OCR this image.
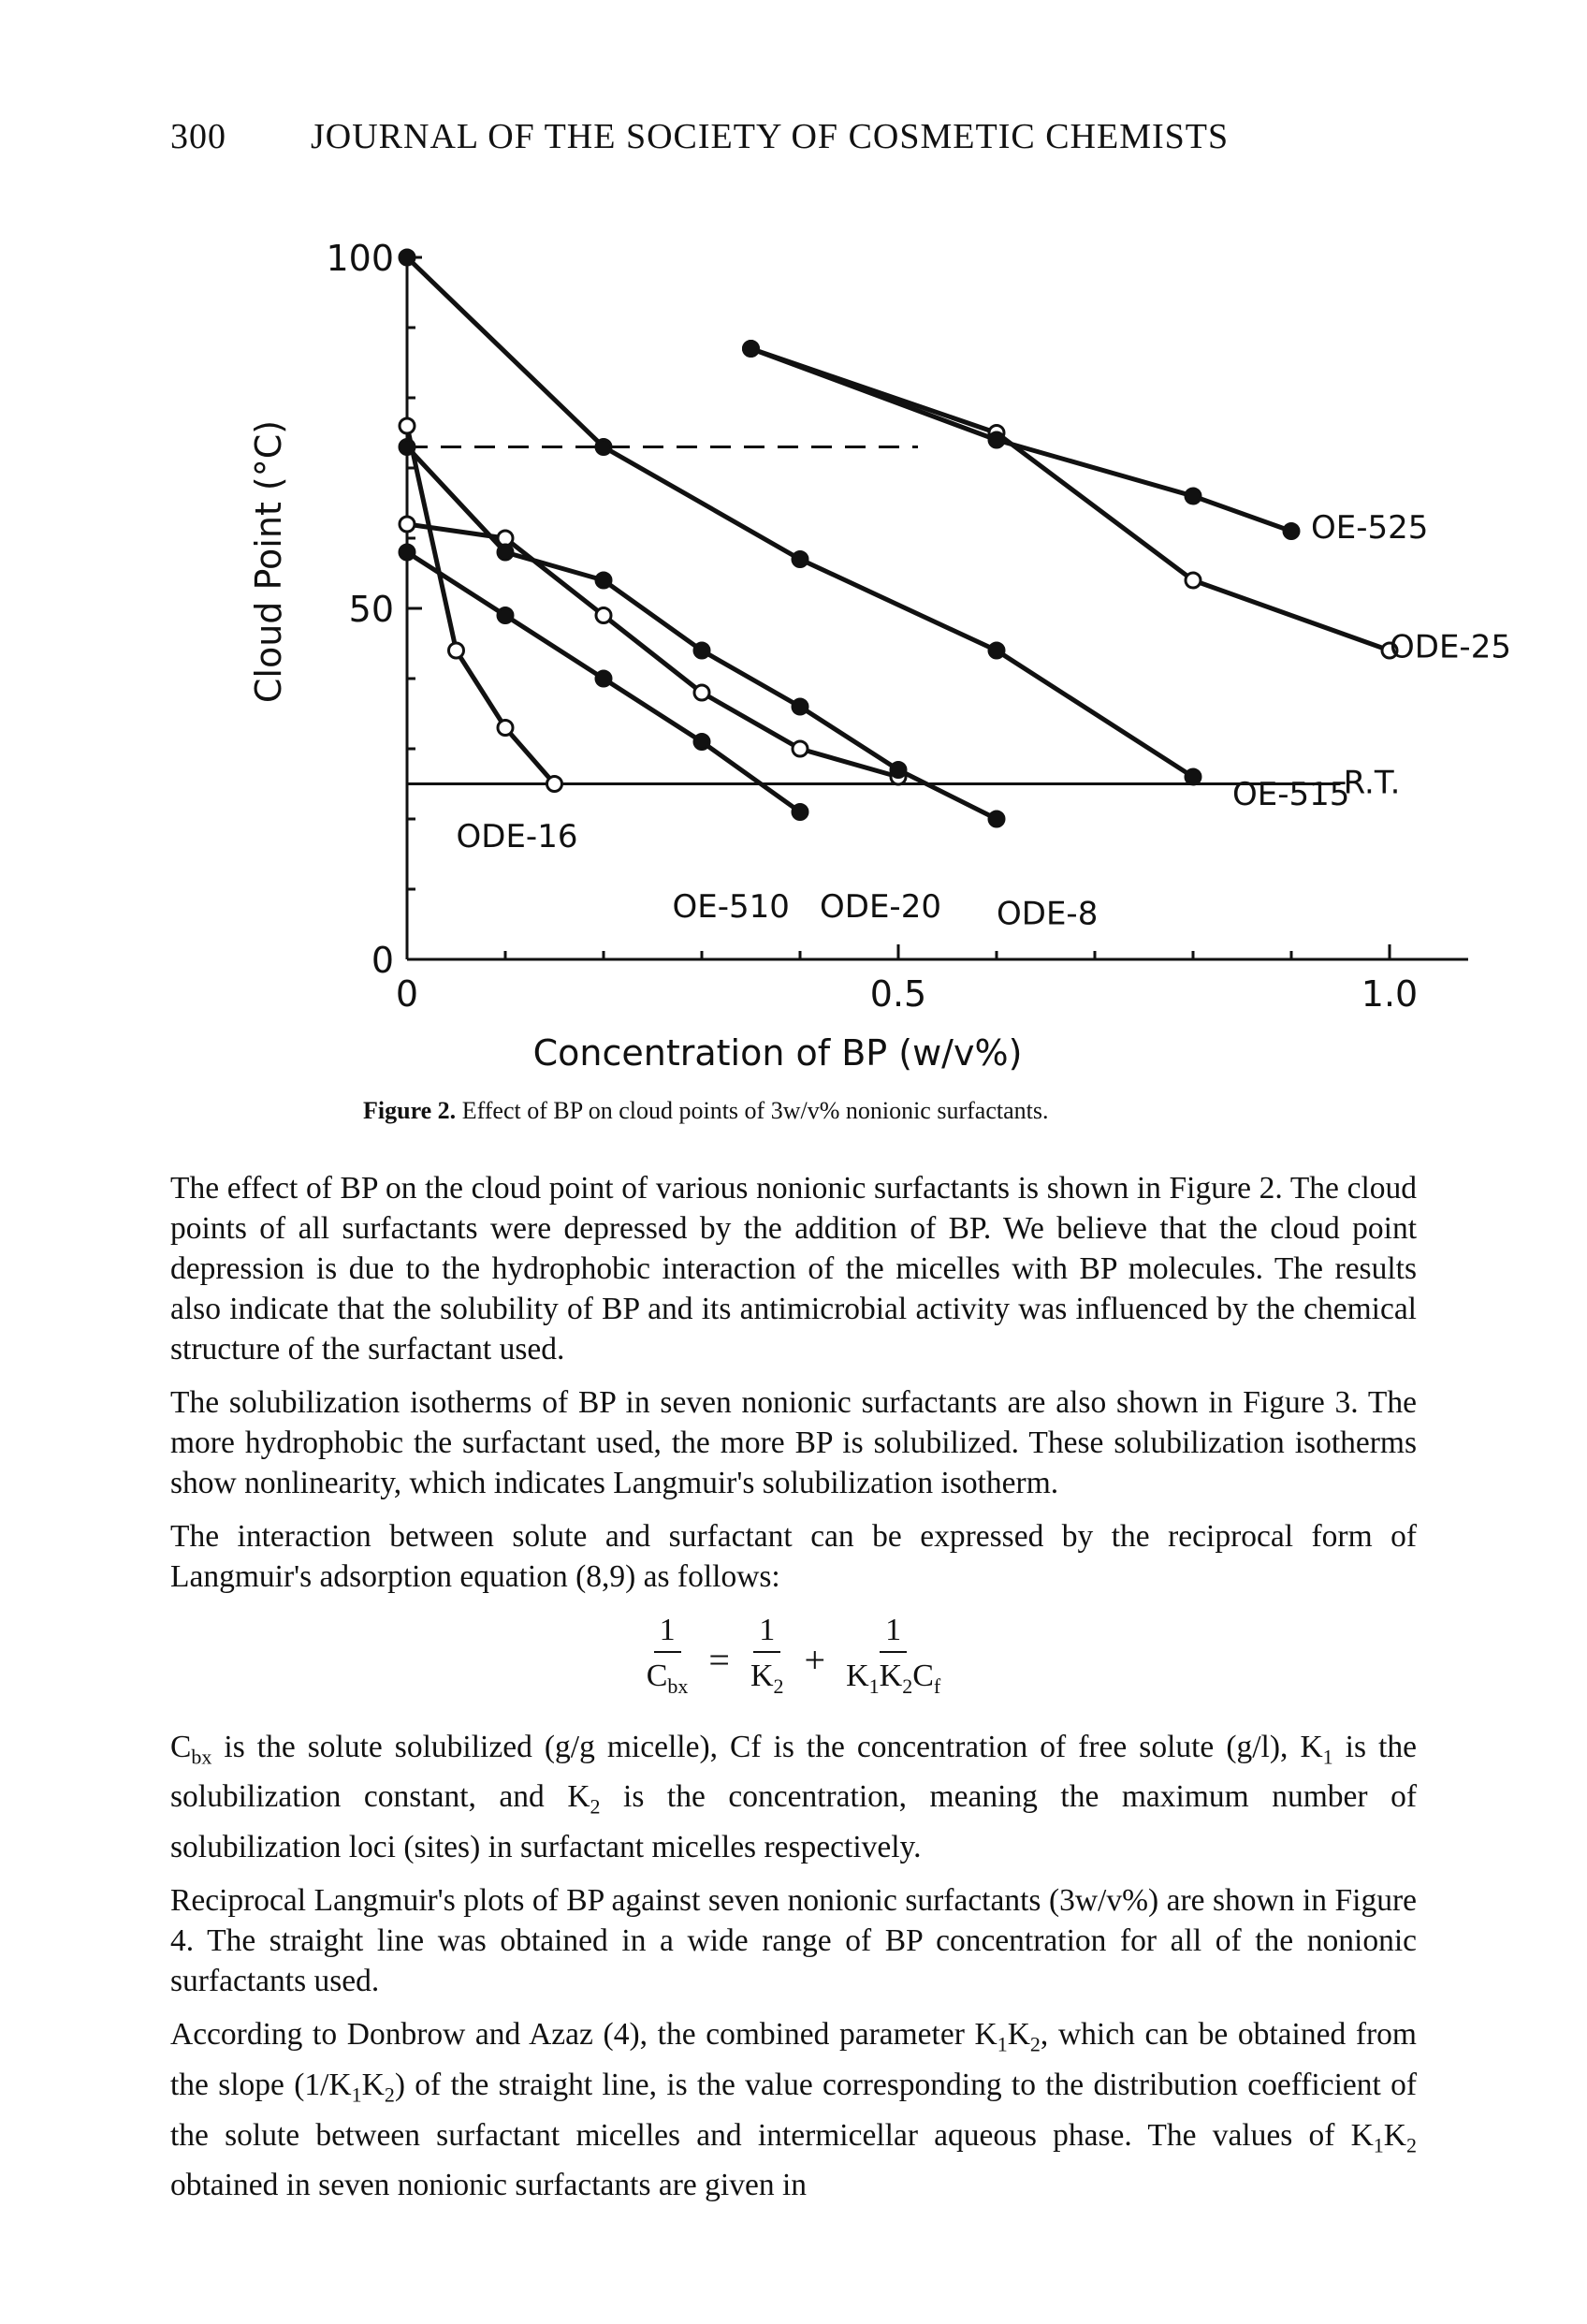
300 JOURNAL OF THE SOCIETY OF COSMETIC CHEMISTS
0	0.5	1.0
0
50
100
R.T.
ODE-16
OE-510 ODE-20 ODE-8
OE-515
ODE-25
OE-525
Cloud Point (°C)
Concentration of BP (w/v%)
Figure 2. Effect of BP on cloud points of 3w/v% nonionic surfactants.

The effect of BP on the cloud point of various nonionic surfactants is shown in Figure 2. The cloud points of all surfactants were depressed by the addition of BP. We believe that the cloud point depression is due to the hydrophobic interaction of the micelles with BP molecules. The results also indicate that the solubility of BP and its antimicrobial activity was influenced by the chemical structure of the surfactant used.

The solubilization isotherms of BP in seven nonionic surfactants are also shown in Figure 3. The more hydrophobic the surfactant used, the more BP is solubilized. These solubilization isotherms show nonlinearity, which indicates Langmuir's solubilization isotherm.

The interaction between solute and surfactant can be expressed by the reciprocal form of Langmuir's adsorption equation (8,9) as follows:

$\frac{1}{C_{bx}} = \frac{1}{K_2} + \frac{1}{K_1K_2C_f}$

$C_{bx}$ is the solute solubilized (g/g micelle), Cf is the concentration of free solute (g/l), $K_1$ is the solubilization constant, and $K_2$ is the concentration, meaning the maximum number of solubilization loci (sites) in surfactant micelles respectively.

Reciprocal Langmuir's plots of BP against seven nonionic surfactants (3w/v%) are shown in Figure 4. The straight line was obtained in a wide range of BP concentration for all of the nonionic surfactants used.

According to Donbrow and Azaz (4), the combined parameter $K_1K_2$, which can be obtained from the slope $(1/K_1K_2)$ of the straight line, is the value corresponding to the distribution coefficient of the solute between surfactant micelles and intermicellar aqueous phase. The values of $K_1K_2$ obtained in seven nonionic surfactants are given in
